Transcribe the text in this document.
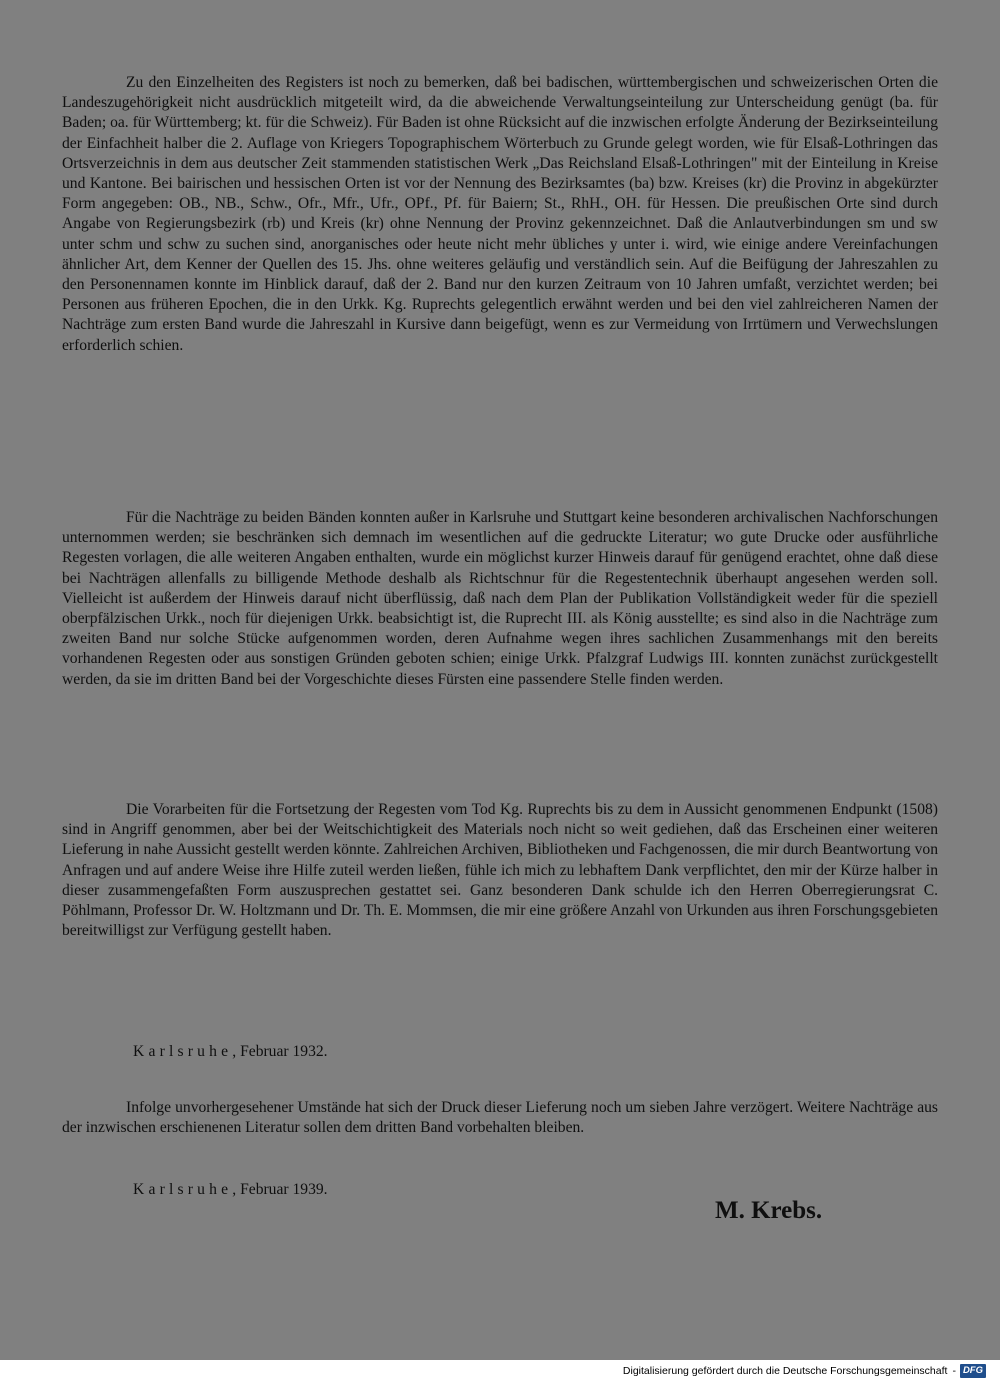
Zu den Einzelheiten des Registers ist noch zu bemerken, daß bei badischen, württembergischen und schweizerischen Orten die Landeszugehörigkeit nicht ausdrücklich mitgeteilt wird, da die abweichende Verwaltungseinteilung zur Unterscheidung genügt (ba. für Baden; oa. für Württemberg; kt. für die Schweiz). Für Baden ist ohne Rücksicht auf die inzwischen erfolgte Änderung der Bezirkseinteilung der Einfachheit halber die 2. Auflage von Kriegers Topographischem Wörterbuch zu Grunde gelegt worden, wie für Elsaß-Lothringen das Ortsverzeichnis in dem aus deutscher Zeit stammenden statistischen Werk „Das Reichsland Elsaß-Lothringen" mit der Einteilung in Kreise und Kantone. Bei bairischen und hessischen Orten ist vor der Nennung des Bezirksamtes (ba) bzw. Kreises (kr) die Provinz in abgekürzter Form angegeben: OB., NB., Schw., Ofr., Mfr., Ufr., OPf., Pf. für Baiern; St., RhH., OH. für Hessen. Die preußischen Orte sind durch Angabe von Regierungsbezirk (rb) und Kreis (kr) ohne Nennung der Provinz gekennzeichnet. Daß die Anlautverbindungen sm und sw unter schm und schw zu suchen sind, anorganisches oder heute nicht mehr übliches y unter i. wird, wie einige andere Vereinfachungen ähnlicher Art, dem Kenner der Quellen des 15. Jhs. ohne weiteres geläufig und verständlich sein. Auf die Beifügung der Jahreszahlen zu den Personennamen konnte im Hinblick darauf, daß der 2. Band nur den kurzen Zeitraum von 10 Jahren umfaßt, verzichtet werden; bei Personen aus früheren Epochen, die in den Urkk. Kg. Ruprechts gelegentlich erwähnt werden und bei den viel zahlreicheren Namen der Nachträge zum ersten Band wurde die Jahreszahl in Kursive dann beigefügt, wenn es zur Vermeidung von Irrtümern und Verwechslungen erforderlich schien.

Für die Nachträge zu beiden Bänden konnten außer in Karlsruhe und Stuttgart keine besonderen archivalischen Nachforschungen unternommen werden; sie beschränken sich demnach im wesentlichen auf die gedruckte Literatur; wo gute Drucke oder ausführliche Regesten vorlagen, die alle weiteren Angaben enthalten, wurde ein möglichst kurzer Hinweis darauf für genügend erachtet, ohne daß diese bei Nachträgen allenfalls zu billigende Methode deshalb als Richtschnur für die Regestentechnik überhaupt angesehen werden soll. Vielleicht ist außerdem der Hinweis darauf nicht überflüssig, daß nach dem Plan der Publikation Vollständigkeit weder für die speziell oberpfälzischen Urkk., noch für diejenigen Urkk. beabsichtigt ist, die Ruprecht III. als König ausstellte; es sind also in die Nachträge zum zweiten Band nur solche Stücke aufgenommen worden, deren Aufnahme wegen ihres sachlichen Zusammenhangs mit den bereits vorhandenen Regesten oder aus sonstigen Gründen geboten schien; einige Urkk. Pfalzgraf Ludwigs III. konnten zunächst zurückgestellt werden, da sie im dritten Band bei der Vorgeschichte dieses Fürsten eine passendere Stelle finden werden.

Die Vorarbeiten für die Fortsetzung der Regesten vom Tod Kg. Ruprechts bis zu dem in Aussicht genommenen Endpunkt (1508) sind in Angriff genommen, aber bei der Weitschichtigkeit des Materials noch nicht so weit gediehen, daß das Erscheinen einer weiteren Lieferung in nahe Aussicht gestellt werden könnte. Zahlreichen Archiven, Bibliotheken und Fachgenossen, die mir durch Beantwortung von Anfragen und auf andere Weise ihre Hilfe zuteil werden ließen, fühle ich mich zu lebhaftem Dank verpflichtet, den mir der Kürze halber in dieser zusammengefaßten Form auszusprechen gestattet sei. Ganz besonderen Dank schulde ich den Herren Oberregierungsrat C. Pöhlmann, Professor Dr. W. Holtzmann und Dr. Th. E. Mommsen, die mir eine größere Anzahl von Urkunden aus ihren Forschungsgebieten bereitwilligst zur Verfügung gestellt haben.

Karlsruhe, Februar 1932.

Infolge unvorhergesehener Umstände hat sich der Druck dieser Lieferung noch um sieben Jahre verzögert. Weitere Nachträge aus der inzwischen erschienenen Literatur sollen dem dritten Band vorbehalten bleiben.

Karlsruhe, Februar 1939.

M. Krebs.

Digitalisierung gefördert durch die Deutsche Forschungsgemeinschaft - DFG
